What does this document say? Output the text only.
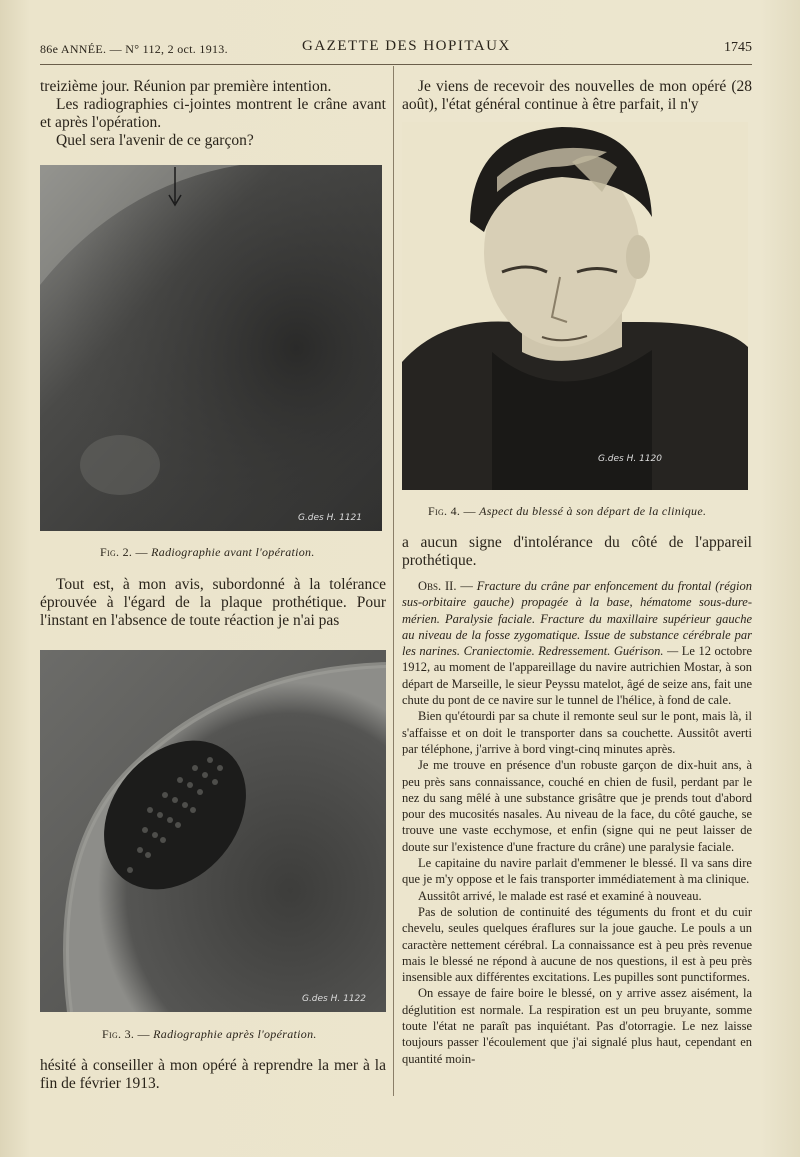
86e ANNÉE. — N° 112, 2 oct. 1913.	GAZETTE DES HOPITAUX	1745

treizième jour. Réunion par première intention.

Les radiographies ci-jointes montrent le crâne avant et après l'opération.

Quel sera l'avenir de ce garçon?

G.des H. 1121
Fig. 2. — Radiographie avant l'opération.

Tout est, à mon avis, subordonné à la tolérance éprouvée à l'égard de la plaque prothétique. Pour l'instant en l'absence de toute réaction je n'ai pas

G.des H. 1122
Fig. 3. — Radiographie après l'opération.

hésité à conseiller à mon opéré à reprendre la mer à la fin de février 1913.

Je viens de recevoir des nouvelles de mon opéré (28 août), l'état général continue à être parfait, il n'y

G.des H. 1120
Fig. 4. — Aspect du blessé à son départ de la clinique.

a aucun signe d'intolérance du côté de l'appareil prothétique.

Obs. II. — Fracture du crâne par enfoncement du frontal (région sus-orbitaire gauche) propagée à la base, hématome sous-dure-mérien. Paralysie faciale. Fracture du maxillaire supérieur gauche au niveau de la fosse zygomatique. Issue de substance cérébrale par les narines. Craniectomie. Redressement. Guérison. — Le 12 octobre 1912, au moment de l'appareillage du navire autrichien Mostar, à son départ de Marseille, le sieur Peyssu matelot, âgé de seize ans, fait une chute du pont de ce navire sur le tunnel de l'hélice, à fond de cale.

Bien qu'étourdi par sa chute il remonte seul sur le pont, mais là, il s'affaisse et on doit le transporter dans sa couchette. Aussitôt averti par téléphone, j'arrive à bord vingt-cinq minutes après.

Je me trouve en présence d'un robuste garçon de dix-huit ans, à peu près sans connaissance, couché en chien de fusil, perdant par le nez du sang mêlé à une substance grisâtre que je prends tout d'abord pour des mucosités nasales. Au niveau de la face, du côté gauche, se trouve une vaste ecchymose, et enfin (signe qui ne peut laisser de doute sur l'existence d'une fracture du crâne) une paralysie faciale.

Le capitaine du navire parlait d'emmener le blessé. Il va sans dire que je m'y oppose et le fais transporter immédiatement à ma clinique.

Aussitôt arrivé, le malade est rasé et examiné à nouveau.

Pas de solution de continuité des téguments du front et du cuir chevelu, seules quelques éraflures sur la joue gauche. Le pouls a un caractère nettement cérébral. La connaissance est à peu près revenue mais le blessé ne répond à aucune de nos questions, il est à peu près insensible aux différentes excitations. Les pupilles sont punctiformes.

On essaye de faire boire le blessé, on y arrive assez aisément, la déglutition est normale. La respiration est un peu bruyante, somme toute l'état ne paraît pas inquiétant. Pas d'otorragie. Le nez laisse toujours passer l'écoulement que j'ai signalé plus haut, cependant en quantité moin-
